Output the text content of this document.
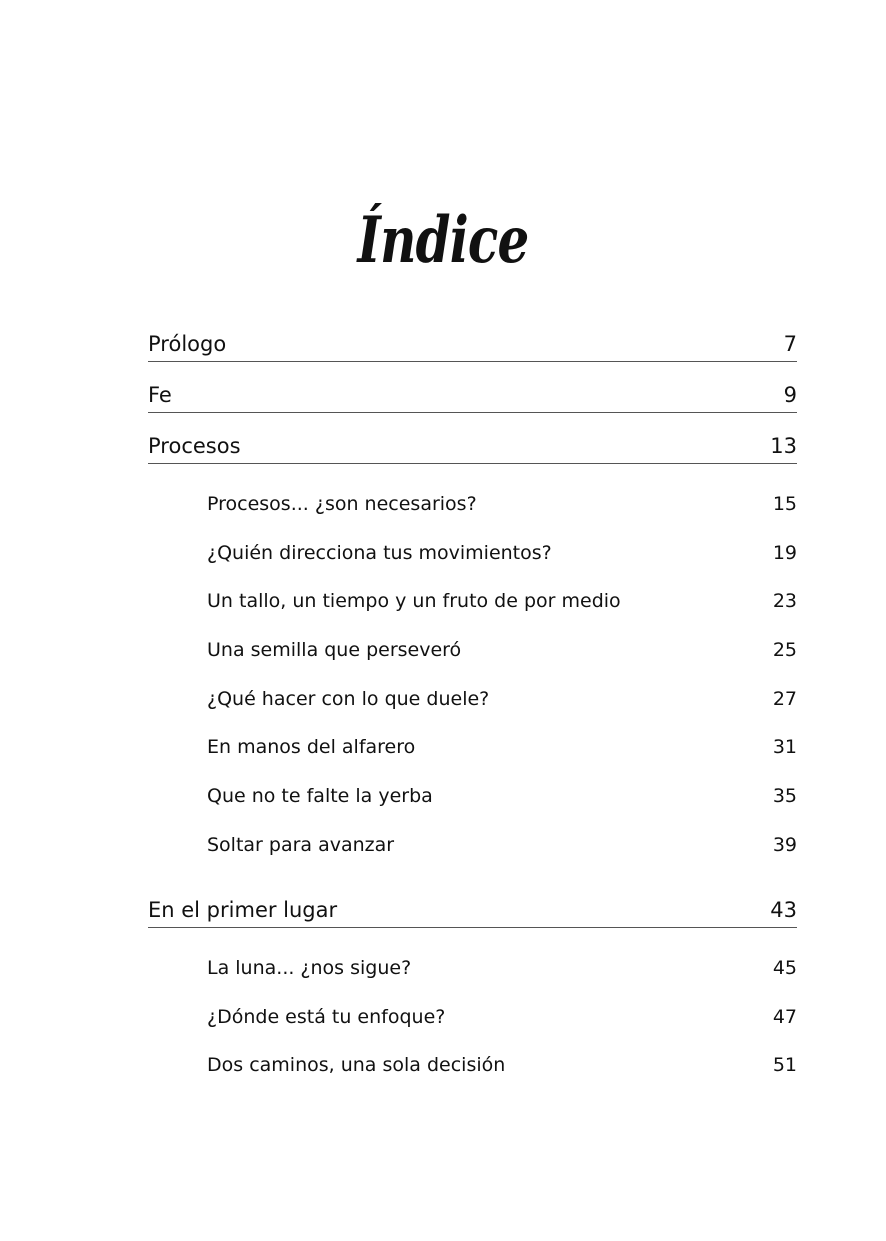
Índice
Prólogo	7
Fe	9
Procesos	13
Procesos... ¿son necesarios?	15
¿Quién direcciona tus movimientos?	19
Un tallo, un tiempo y un fruto de por medio	23
Una semilla que perseveró	25
¿Qué hacer con lo que duele?	27
En manos del alfarero	31
Que no te falte la yerba	35
Soltar para avanzar	39
En el primer lugar	43
La luna... ¿nos sigue?	45
¿Dónde está tu enfoque?	47
Dos caminos, una sola decisión	51
